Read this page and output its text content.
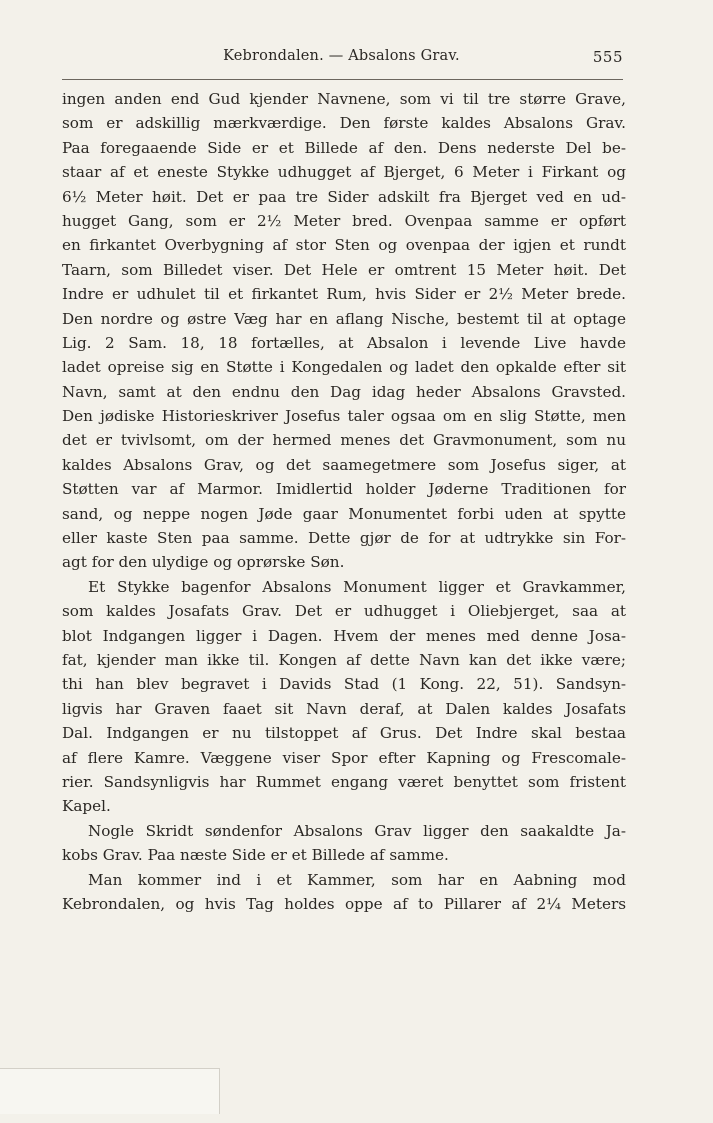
Kebrondalen. — Absalons Grav.	555
ingen anden end Gud kjender Navnene, som vi til tre større Grave,
som er adskillig mærkværdige. Den første kaldes Absalons Grav.
Paa foregaaende Side er et Billede af den. Dens nederste Del be-
staar af et eneste Stykke udhugget af Bjerget, 6 Meter i Firkant og
6½ Meter høit. Det er paa tre Sider adskilt fra Bjerget ved en ud-
hugget Gang, som er 2½ Meter bred. Ovenpaa samme er opført
en firkantet Overbygning af stor Sten og ovenpaa der igjen et rundt
Taarn, som Billedet viser. Det Hele er omtrent 15 Meter høit. Det
Indre er udhulet til et firkantet Rum, hvis Sider er 2½ Meter brede.
Den nordre og østre Væg har en aflang Nische, bestemt til at optage
Lig. 2 Sam. 18, 18 fortælles, at Absalon i levende Live havde
ladet opreise sig en Støtte i Kongedalen og ladet den opkalde efter sit
Navn, samt at den endnu den Dag idag heder Absalons Gravsted.
Den jødiske Historieskriver Josefus taler ogsaa om en slig Støtte, men
det er tvivlsomt, om der hermed menes det Gravmonument, som nu
kaldes Absalons Grav, og det saamegetmere som Josefus siger, at
Støtten var af Marmor. Imidlertid holder Jøderne Traditionen for
sand, og neppe nogen Jøde gaar Monumentet forbi uden at spytte
eller kaste Sten paa samme. Dette gjør de for at udtrykke sin For-
agt for den ulydige og oprørske Søn.
Et Stykke bagenfor Absalons Monument ligger et Gravkammer,
som kaldes Josafats Grav. Det er udhugget i Oliebjerget, saa at
blot Indgangen ligger i Dagen. Hvem der menes med denne Josa-
fat, kjender man ikke til. Kongen af dette Navn kan det ikke være;
thi han blev begravet i Davids Stad (1 Kong. 22, 51). Sandsyn-
ligvis har Graven faaet sit Navn deraf, at Dalen kaldes Josafats
Dal. Indgangen er nu tilstoppet af Grus. Det Indre skal bestaa
af flere Kamre. Væggene viser Spor efter Kapning og Frescomale-
rier. Sandsynligvis har Rummet engang været benyttet som fristent
Kapel.
Nogle Skridt søndenfor Absalons Grav ligger den saakaldte Ja-
kobs Grav. Paa næste Side er et Billede af samme.
Man kommer ind i et Kammer, som har en Aabning mod
Kebrondalen, og hvis Tag holdes oppe af to Pillarer af 2¼ Meters
